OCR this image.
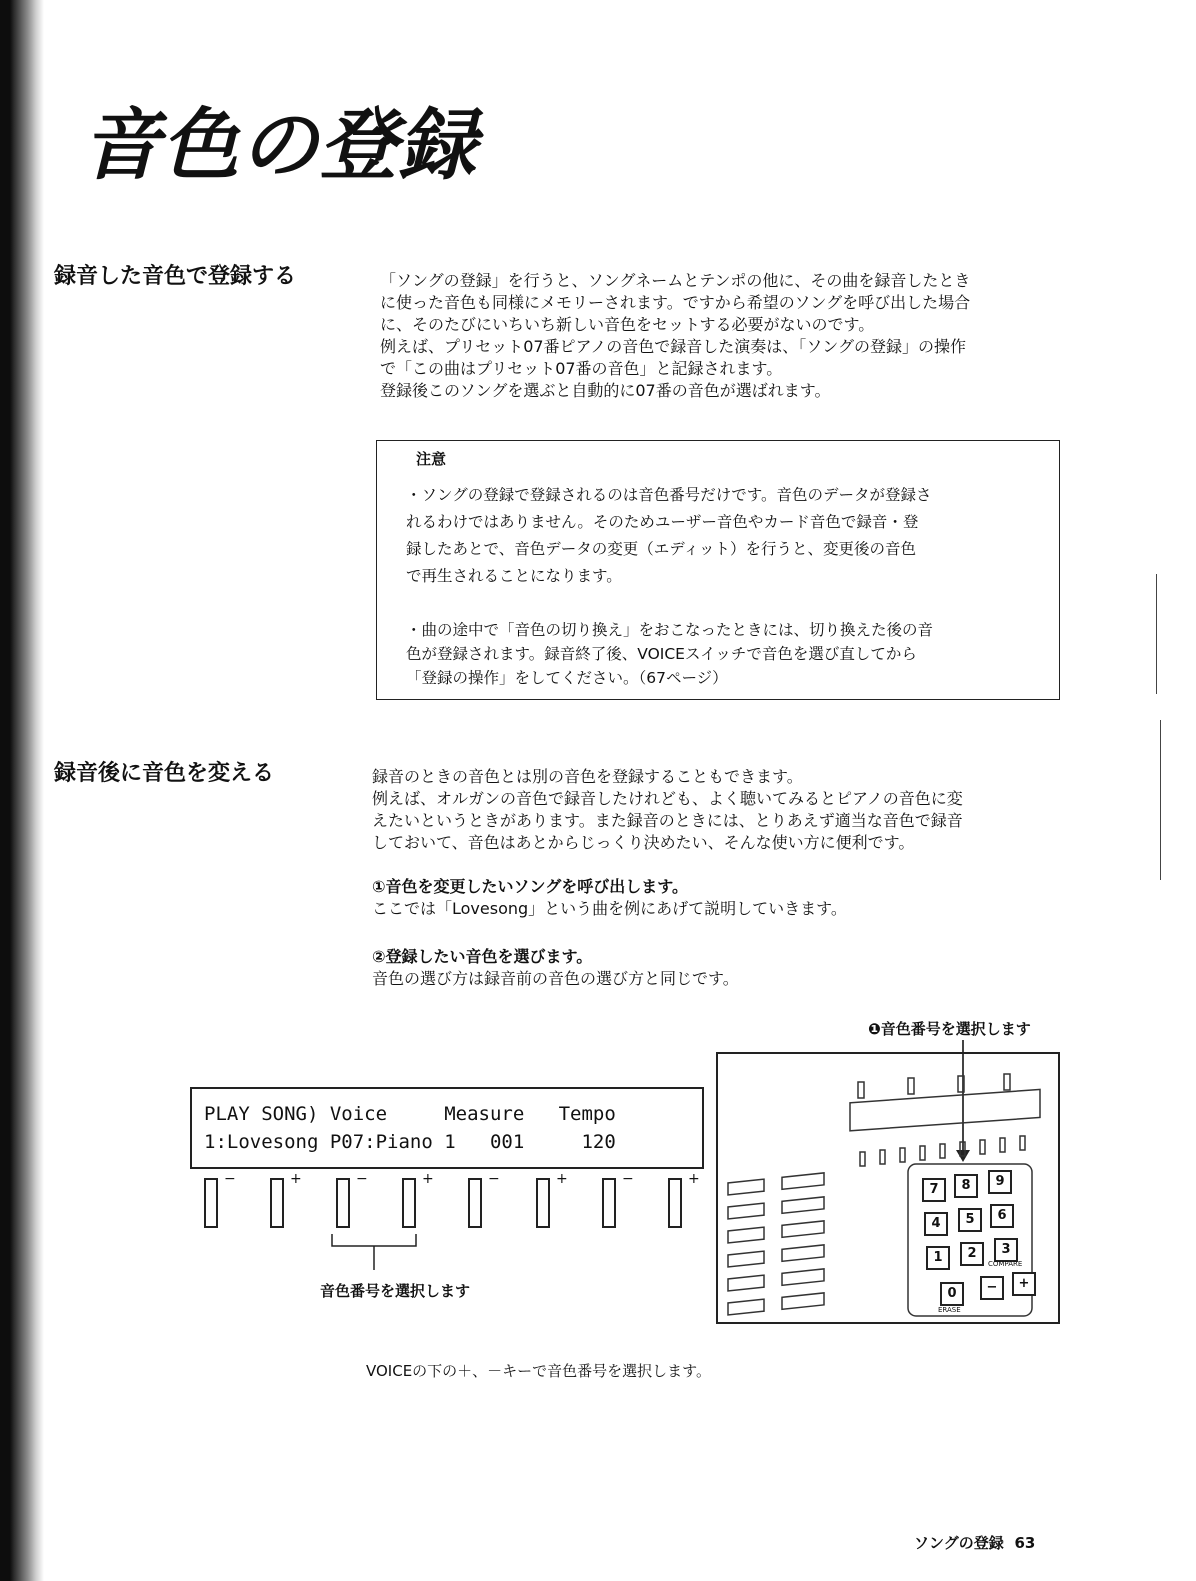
音色の登録
録音した音色で登録する	「ソングの登録」を行うと、ソングネームとテンポの他に、その曲を録音したとき
に使った音色も同様にメモリーされます。ですから希望のソングを呼び出した場合
に、そのたびにいちいち新しい音色をセットする必要がないのです。
例えば、プリセット07番ピアノの音色で録音した演奏は、「ソングの登録」の操作
で「この曲はプリセット07番の音色」と記録されます。
登録後このソングを選ぶと自動的に07番の音色が選ばれます。
注意
・ソングの登録で登録されるのは音色番号だけです。音色のデータが登録さ
れるわけではありません。そのためユーザー音色やカード音色で録音・登
録したあとで、音色データの変更（エディット）を行うと、変更後の音色
で再生されることになります。
・曲の途中で「音色の切り換え」をおこなったときには、切り換えた後の音
色が登録されます。録音終了後、VOICEスイッチで音色を選び直してから
「登録の操作」をしてください。（67ページ）
録音後に音色を変える	録音のときの音色とは別の音色を登録することもできます。
例えば、オルガンの音色で録音したけれども、よく聴いてみるとピアノの音色に変
えたいというときがあります。また録音のときには、とりあえず適当な音色で録音
しておいて、音色はあとからじっくり決めたい、そんな使い方に便利です。
①音色を変更したいソングを呼び出します。
ここでは「Lovesong」という曲を例にあげて説明していきます。
②登録したい音色を選びます。
音色の選び方は録音前の音色の選び方と同じです。
PLAY SONG) Voice     Measure   Tempo
1:Lovesong P07:Piano 1   001     120
−	+	−	+	−	+	−	+
音色番号を選択します
❶音色番号を選択します
7	8	9
4	5	6
1	2	3
0	−	+
COMPARE
ERASE
VOICEの下の＋、－キーで音色番号を選択します。
ソングの登録 63
